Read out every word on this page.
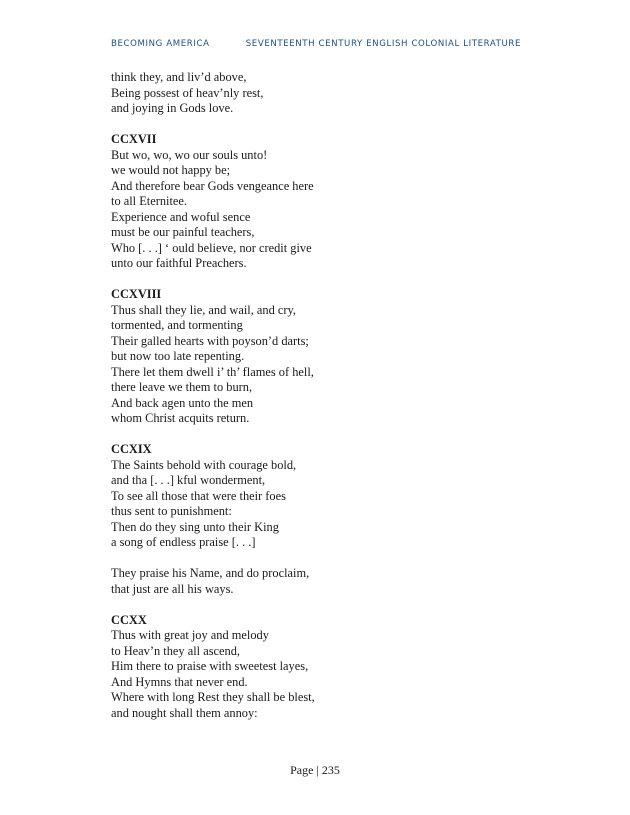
BECOMING AMERICA	SEVENTEENTH CENTURY ENGLISH COLONIAL LITERATURE
think they, and liv’d above,
Being possest of heav’nly rest,
and joying in Gods love.
CCXVII
But wo, wo, wo our souls unto!
we would not happy be;
And therefore bear Gods vengeance here
to all Eternitee.
Experience and woful sence
must be our painful teachers,
Who [. . .] ‘ ould believe, nor credit give
unto our faithful Preachers.
CCXVIII
Thus shall they lie, and wail, and cry,
tormented, and tormenting
Their galled hearts with poyson’d darts;
but now too late repenting.
There let them dwell i’ th’ flames of hell,
there leave we them to burn,
And back agen unto the men
whom Christ acquits return.
CCXIX
The Saints behold with courage bold,
and tha [. . .] kful wonderment,
To see all those that were their foes
thus sent to punishment:
Then do they sing unto their King
a song of endless praise [. . .]
They praise his Name, and do proclaim,
that just are all his ways.
CCXX
Thus with great joy and melody
to Heav’n they all ascend,
Him there to praise with sweetest layes,
And Hymns that never end.
Where with long Rest they shall be blest,
and nought shall them annoy:
Page | 235
